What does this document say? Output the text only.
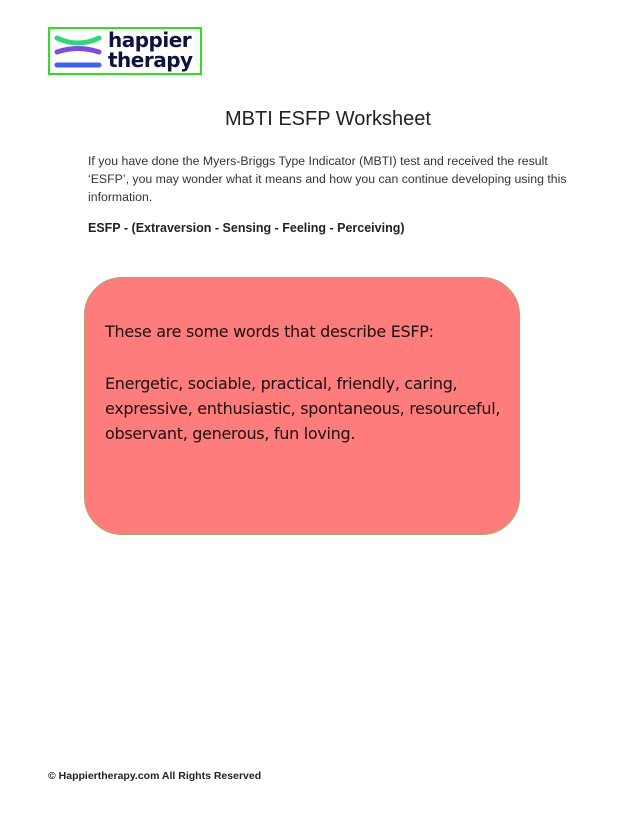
happier
therapy
MBTI ESFP Worksheet
If you have done the Myers-Briggs Type Indicator (MBTI) test and received the result ‘ESFP’, you may wonder what it means and how you can continue developing using this information.
ESFP - (Extraversion - Sensing - Feeling - Perceiving)
These are some words that describe ESFP:
Energetic, sociable, practical, friendly, caring, expressive, enthusiastic, spontaneous, resourceful, observant, generous, fun loving.
© Happiertherapy.com All Rights Reserved
